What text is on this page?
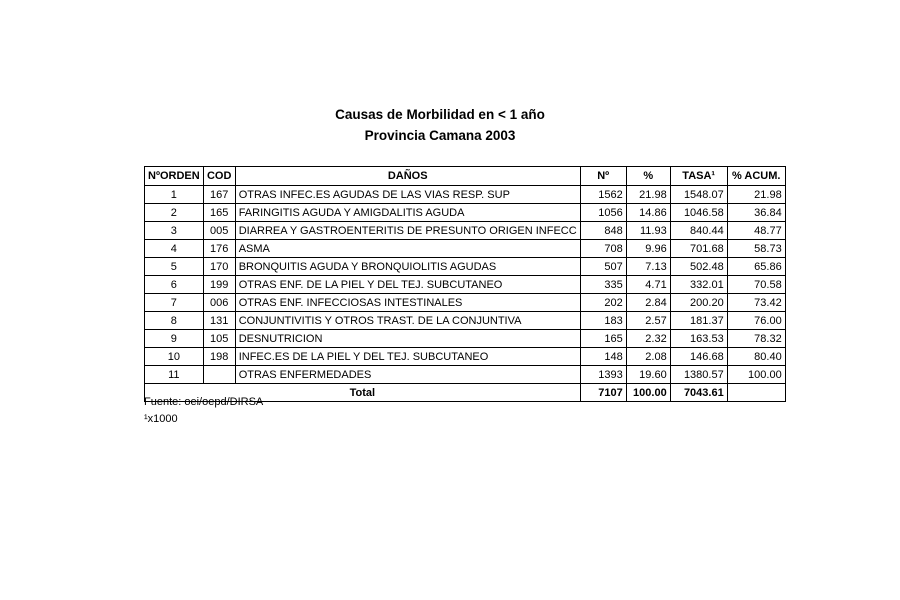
Causas de Morbilidad en < 1 año
Provincia Camana 2003
NºORDEN	COD	DAÑOS	Nº	%	TASA¹	% ACUM.
1	167	OTRAS INFEC.ES AGUDAS DE LAS VIAS RESP. SUP	1562	21.98	1548.07	21.98
2	165	FARINGITIS AGUDA Y AMIGDALITIS AGUDA	1056	14.86	1046.58	36.84
3	005	DIARREA Y GASTROENTERITIS DE PRESUNTO ORIGEN INFECC	848	11.93	840.44	48.77
4	176	ASMA	708	9.96	701.68	58.73
5	170	BRONQUITIS AGUDA Y BRONQUIOLITIS AGUDAS	507	7.13	502.48	65.86
6	199	OTRAS ENF. DE LA PIEL Y DEL TEJ. SUBCUTANEO	335	4.71	332.01	70.58
7	006	OTRAS ENF. INFECCIOSAS INTESTINALES	202	2.84	200.20	73.42
8	131	CONJUNTIVITIS Y OTROS TRAST. DE LA CONJUNTIVA	183	2.57	181.37	76.00
9	105	DESNUTRICION	165	2.32	163.53	78.32
10	198	INFEC.ES DE LA PIEL Y DEL TEJ. SUBCUTANEO	148	2.08	146.68	80.40
11		OTRAS ENFERMEDADES	1393	19.60	1380.57	100.00
Total			7107	100.00	7043.61	
Fuente: oei/oepd/DIRSA
¹x1000
